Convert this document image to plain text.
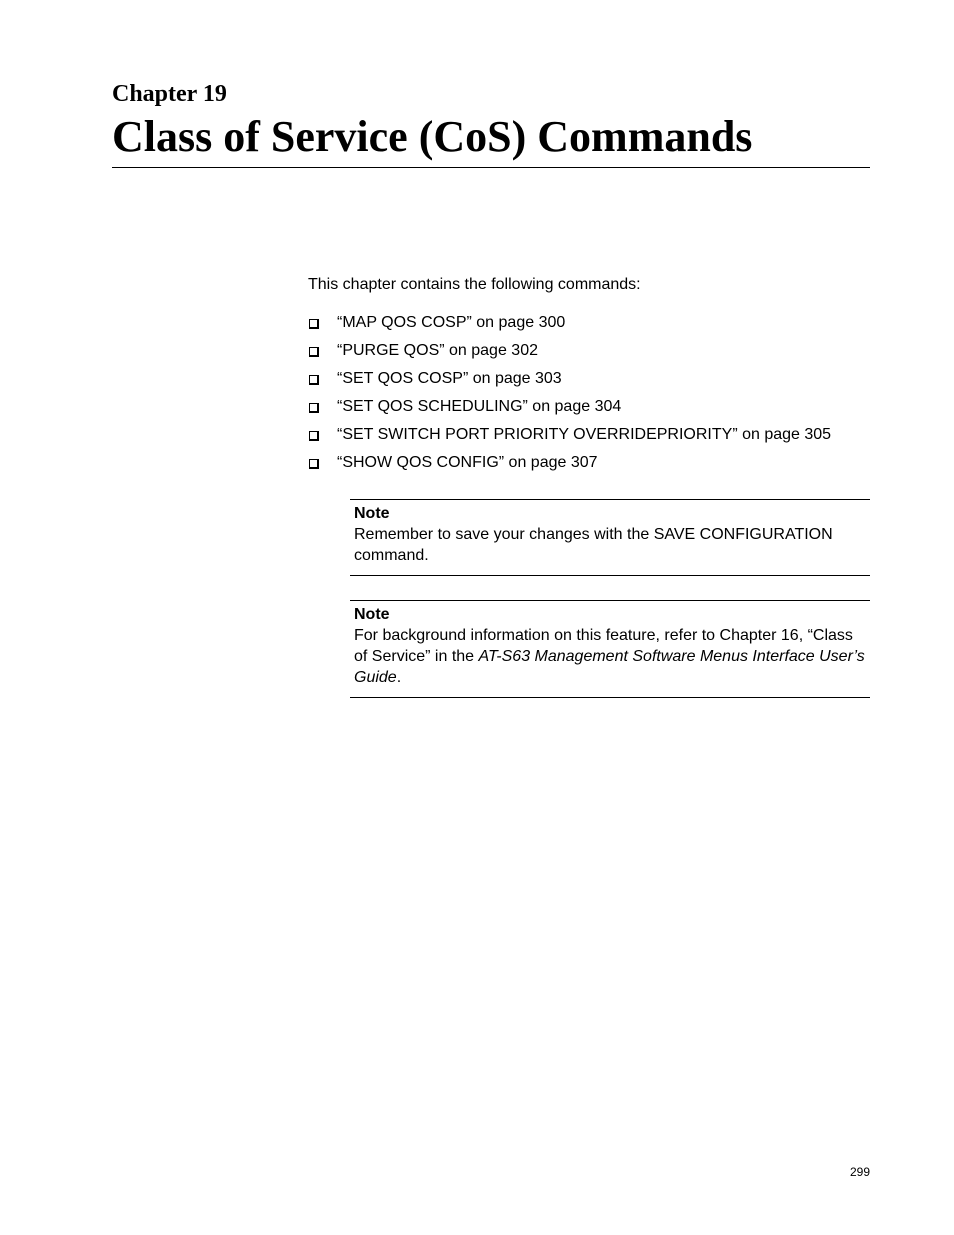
Chapter 19
Class of Service (CoS) Commands
This chapter contains the following commands:
“MAP QOS COSP” on page 300
“PURGE QOS” on page 302
“SET QOS COSP” on page 303
“SET QOS SCHEDULING” on page 304
“SET SWITCH PORT PRIORITY OVERRIDEPRIORITY” on page 305
“SHOW QOS CONFIG” on page 307
Note

Remember to save your changes with the SAVE CONFIGURATION command.

Note

For background information on this feature, refer to Chapter 16, “Class of Service” in the AT-S63 Management Software Menus Interface User’s Guide.

299
